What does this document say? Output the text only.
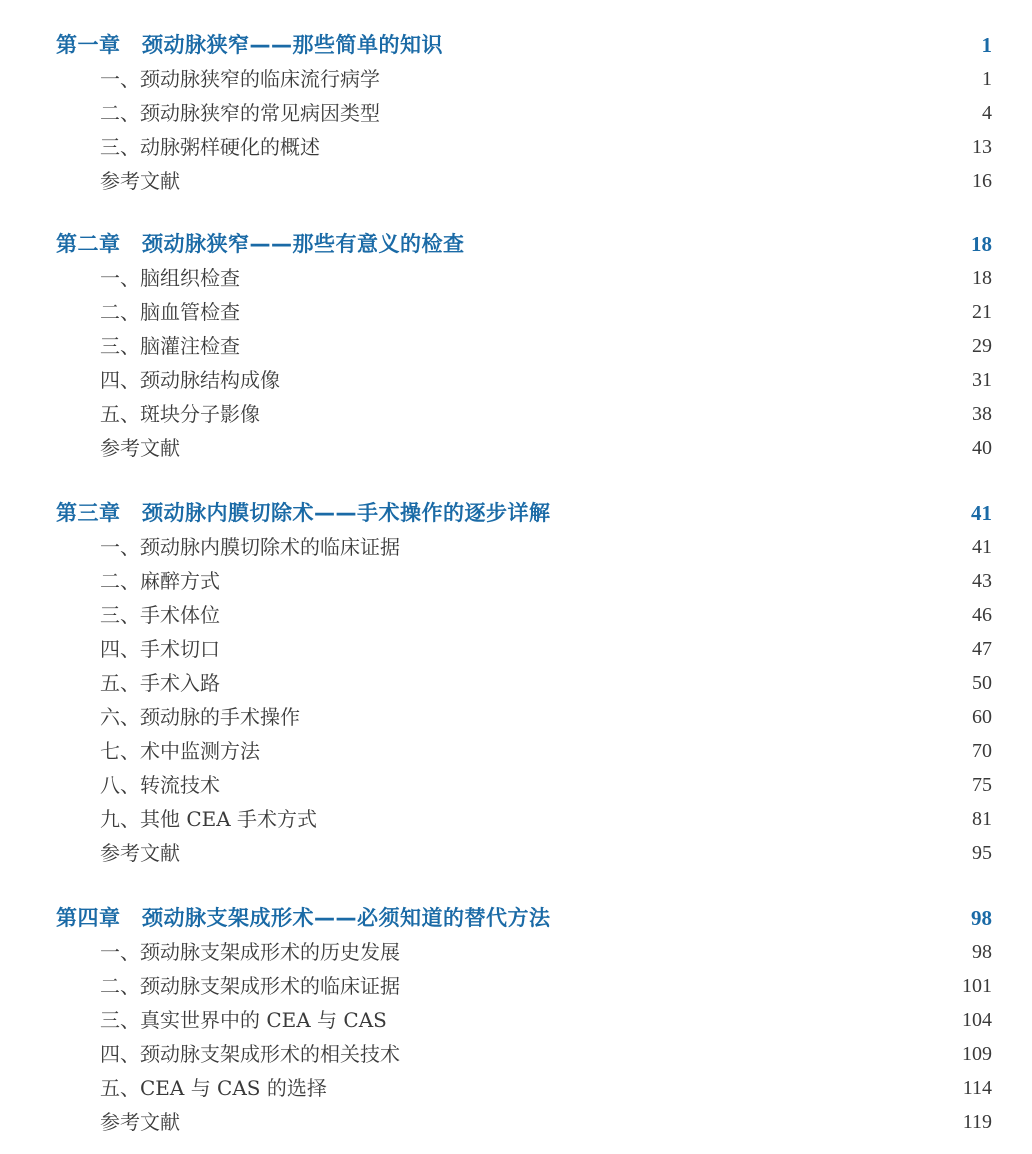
第一章　颈动脉狭窄——那些简单的知识	1
一、颈动脉狭窄的临床流行病学	1
二、颈动脉狭窄的常见病因类型	4
三、动脉粥样硬化的概述	13
参考文献	16
第二章　颈动脉狭窄——那些有意义的检查	18
一、脑组织检查	18
二、脑血管检查	21
三、脑灌注检查	29
四、颈动脉结构成像	31
五、斑块分子影像	38
参考文献	40
第三章　颈动脉内膜切除术——手术操作的逐步详解	41
一、颈动脉内膜切除术的临床证据	41
二、麻醉方式	43
三、手术体位	46
四、手术切口	47
五、手术入路	50
六、颈动脉的手术操作	60
七、术中监测方法	70
八、转流技术	75
九、其他 CEA 手术方式	81
参考文献	95
第四章　颈动脉支架成形术——必须知道的替代方法	98
一、颈动脉支架成形术的历史发展	98
二、颈动脉支架成形术的临床证据	101
三、真实世界中的 CEA 与 CAS	104
四、颈动脉支架成形术的相关技术	109
五、CEA 与 CAS 的选择	114
参考文献	119
